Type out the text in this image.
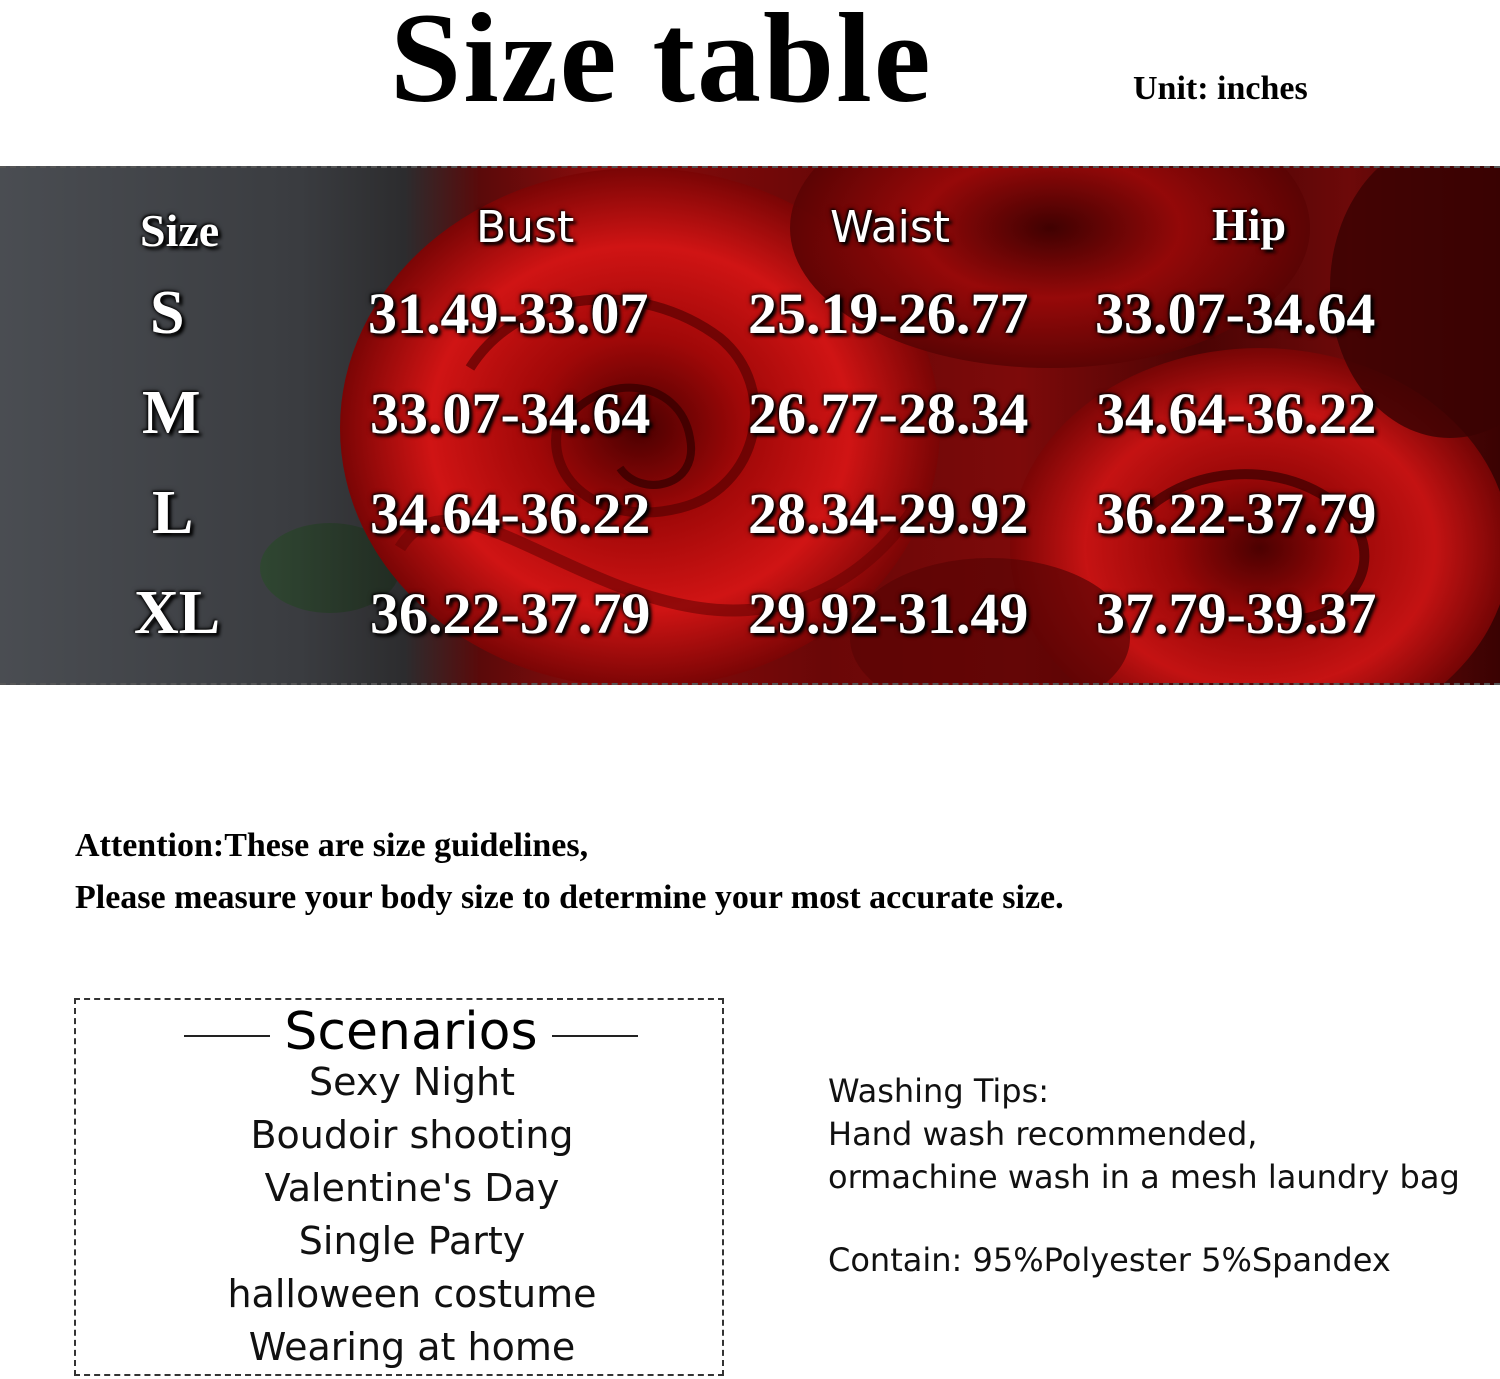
Size table	Unit: inches
Size	Bust	Waist	Hip
S	31.49-33.07 25.19-26.77 33.07-34.64
M	33.07-34.64 26.77-28.34 34.64-36.22
L	34.64-36.22 28.34-29.92 36.22-37.79
XL	36.22-37.79 29.92-31.49 37.79-39.37
Attention:These are size guidelines,
Please measure your body size to determine your most accurate size.
Scenarios
Sexy Night
Boudoir shooting
Valentine's Day
Single Party
halloween costume
Wearing at home
Washing Tips:
Hand wash recommended,
ormachine wash in a mesh laundry bag
Contain: 95%Polyester 5%Spandex
